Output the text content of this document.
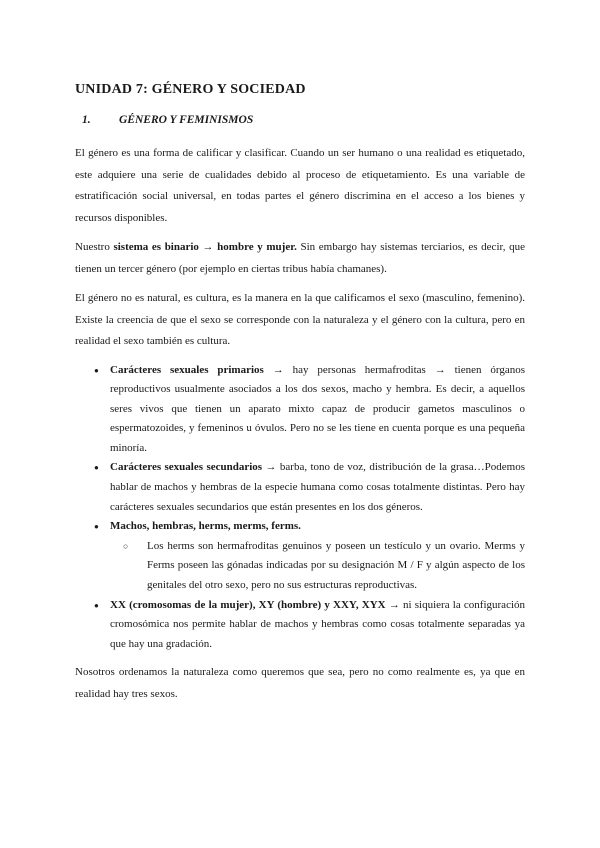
UNIDAD 7: GÉNERO Y SOCIEDAD
1.	GÉNERO Y FEMINISMOS

El género es una forma de calificar y clasificar. Cuando un ser humano o una realidad es etiquetado, este adquiere una serie de cualidades debido al proceso de etiquetamiento. Es una variable de estratificación social universal, en todas partes el género discrimina en el acceso a los bienes y recursos disponibles.

Nuestro sistema es binario → hombre y mujer. Sin embargo hay sistemas terciarios, es decir, que tienen un tercer género (por ejemplo en ciertas tribus había chamanes).

El género no es natural, es cultura, es la manera en la que calificamos el sexo (masculino, femenino). Existe la creencia de que el sexo se corresponde con la naturaleza y el género con la cultura, pero en realidad el sexo también es cultura.

●	Carácteres sexuales primarios → hay personas hermafroditas → tienen órganos reproductivos usualmente asociados a los dos sexos, macho y hembra. Es decir, a aquellos seres vivos que tienen un aparato mixto capaz de producir gametos masculinos o espermatozoides, y femeninos u óvulos. Pero no se les tiene en cuenta porque es una pequeña minoría.
●	Carácteres sexuales secundarios → barba, tono de voz, distribución de la grasa…Podemos hablar de machos y hembras de la especie humana como cosas totalmente distintas. Pero hay carácteres sexuales secundarios que están presentes en los dos géneros.
●	Machos, hembras, herms, merms, ferms.
○	Los herms son hermafroditas genuinos y poseen un testículo y un ovario. Merms y Ferms poseen las gónadas indicadas por su designación M / F y algún aspecto de los genitales del otro sexo, pero no sus estructuras reproductivas.
●	XX (cromosomas de la mujer), XY (hombre) y XXY, XYX → ni siquiera la configuración cromosómica nos permite hablar de machos y hembras como cosas totalmente separadas ya que hay una gradación.

Nosotros ordenamos la naturaleza como queremos que sea, pero no como realmente es, ya que en realidad hay tres sexos.
